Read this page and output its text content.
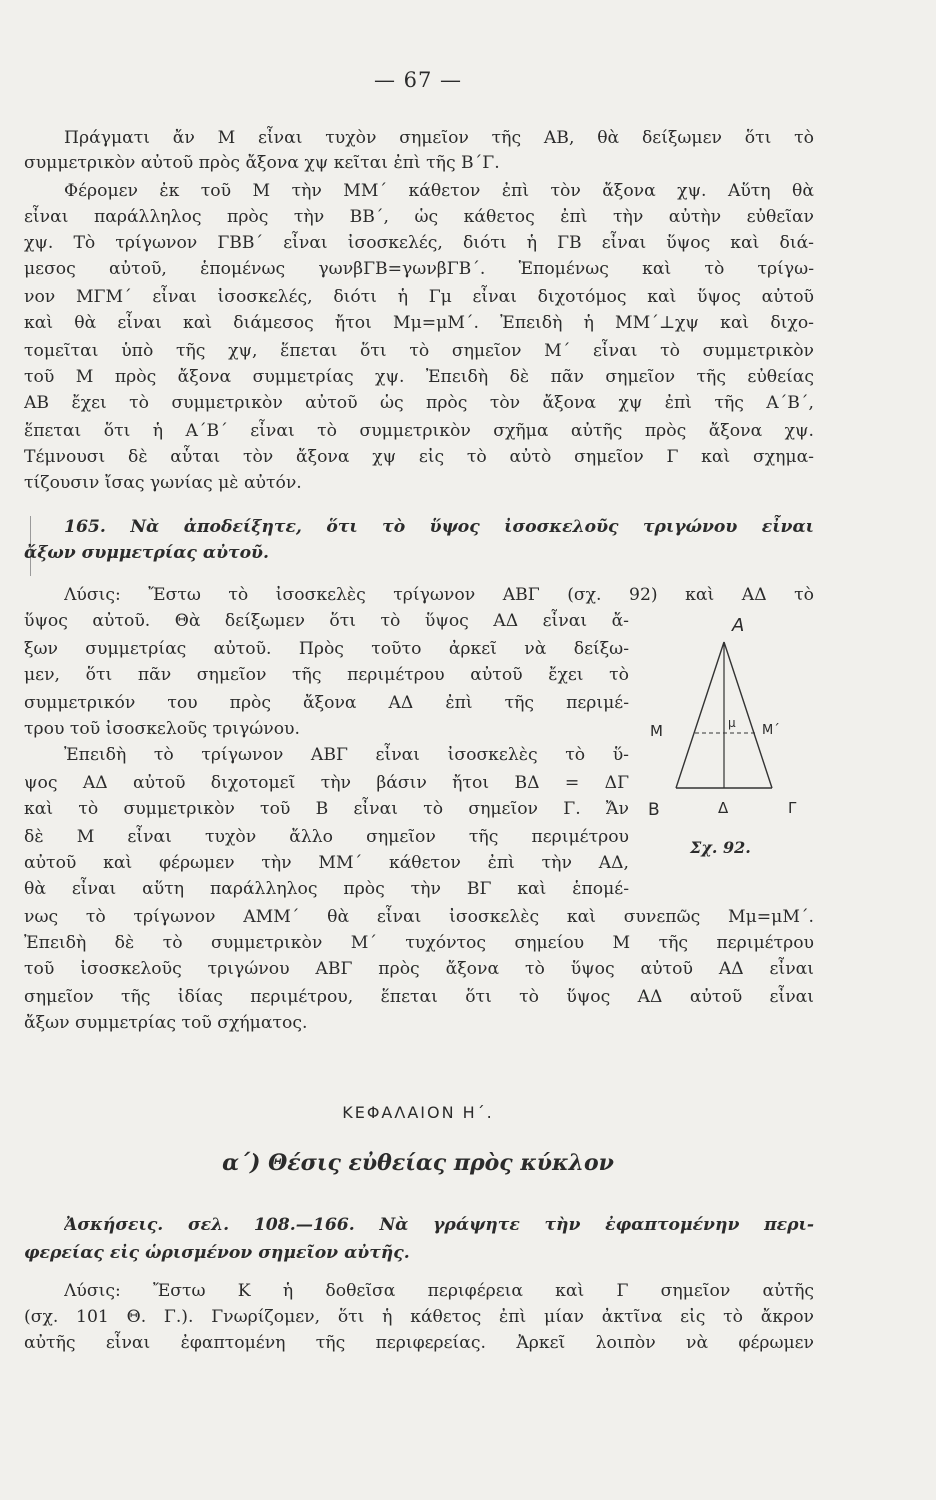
— 67 —
Πράγματι ἄν Μ εἶναι τυχὸν σημεῖον τῆς ΑΒ, θὰ δείξωμεν ὅτι τὸ
συμμετρικὸν αὐτοῦ πρὸς ἄξονα χψ κεῖται ἐπὶ τῆς Β΄Γ.
Φέρομεν ἐκ τοῦ Μ τὴν ΜΜ΄ κάθετον ἐπὶ τὸν ἄξονα χψ. Αὕτη θὰ
εἶναι παράλληλος πρὸς τὴν ΒΒ΄, ὡς κάθετος ἐπὶ τὴν αὐτὴν εὐθεῖαν
χψ. Τὸ τρίγωνον ΓΒΒ΄ εἶναι ἰσοσκελές, διότι ἡ ΓΒ εἶναι ὕψος καὶ διά-
μεσος αὐτοῦ, ἑπομένως γωνβΓΒ=γωνβΓΒ΄. Ἑπομένως καὶ τὸ τρίγω-
νον ΜΓΜ΄ εἶναι ἰσοσκελές, διότι ἡ Γμ εἶναι διχοτόμος καὶ ὕψος αὐτοῦ
καὶ θὰ εἶναι καὶ διάμεσος ἤτοι Μμ=μΜ΄. Ἐπειδὴ ἡ ΜΜ΄⊥χψ καὶ διχο-
τομεῖται ὑπὸ τῆς χψ, ἕπεται ὅτι τὸ σημεῖον Μ΄ εἶναι τὸ συμμετρικὸν
τοῦ Μ πρὸς ἄξονα συμμετρίας χψ. Ἐπειδὴ δὲ πᾶν σημεῖον τῆς εὐθείας
ΑΒ ἔχει τὸ συμμετρικὸν αὐτοῦ ὡς πρὸς τὸν ἄξονα χψ ἐπὶ τῆς Α΄Β΄,
ἕπεται ὅτι ἡ Α΄Β΄ εἶναι τὸ συμμετρικὸν σχῆμα αὐτῆς πρὸς ἄξονα χψ.
Τέμνουσι δὲ αὗται τὸν ἄξονα χψ εἰς τὸ αὐτὸ σημεῖον Γ καὶ σχημα-
τίζουσιν ἴσας γωνίας μὲ αὐτόν.
165. Νὰ ἀποδείξητε, ὅτι τὸ ὕψος ἰσοσκελοῦς τριγώνου εἶναι
ἄξων συμμετρίας αὐτοῦ.
Λύσις: Ἔστω τὸ ἰσοσκελὲς τρίγωνον ΑΒΓ (σχ. 92) καὶ ΑΔ τὸ
ὕψος αὐτοῦ. Θὰ δείξωμεν ὅτι τὸ ὕψος ΑΔ εἶναι ἄ-
ξων συμμετρίας αὐτοῦ. Πρὸς τοῦτο ἀρκεῖ νὰ δείξω-
μεν, ὅτι πᾶν σημεῖον τῆς περιμέτρου αὐτοῦ ἔχει τὸ
συμμετρικόν του πρὸς ἄξονα ΑΔ ἐπὶ τῆς περιμέ-
τρου τοῦ ἰσοσκελοῦς τριγώνου.
Ἐπειδὴ τὸ τρίγωνον ΑΒΓ εἶναι ἰσοσκελὲς τὸ ὕ-
ψος ΑΔ αὐτοῦ διχοτομεῖ τὴν βάσιν ἤτοι ΒΔ = ΔΓ
καὶ τὸ συμμετρικὸν τοῦ Β εἶναι τὸ σημεῖον Γ. Ἄν
δὲ Μ εἶναι τυχὸν ἄλλο σημεῖον τῆς περιμέτρου
αὐτοῦ καὶ φέρωμεν τὴν ΜΜ΄ κάθετον ἐπὶ τὴν ΑΔ,
θὰ εἶναι αὕτη παράλληλος πρὸς τὴν ΒΓ καὶ ἑπομέ-
νως τὸ τρίγωνον ΑΜΜ΄ θὰ εἶναι ἰσοσκελὲς καὶ συνεπῶς Μμ=μΜ΄.
Ἐπειδὴ δὲ τὸ συμμετρικὸν Μ΄ τυχόντος σημείου Μ τῆς περιμέτρου
τοῦ ἰσοσκελοῦς τριγώνου ΑΒΓ πρὸς ἄξονα τὸ ὕψος αὐτοῦ ΑΔ εἶναι
σημεῖον τῆς ἰδίας περιμέτρου, ἕπεται ὅτι τὸ ὕψος ΑΔ αὐτοῦ εἶναι
ἄξων συμμετρίας τοῦ σχήματος.
Α
Μ	μ Μ΄
Β	Δ	Γ
Σχ. 92.
ΚΕΦΑΛΑΙΟΝ Η΄.
α΄) Θέσις εὐθείας πρὸς κύκλον
Ἀσκήσεις. σελ. 108.—166. Νὰ γράψητε τὴν ἐφαπτομένην περι-
φερείας εἰς ὡρισμένον σημεῖον αὐτῆς.
Λύσις: Ἔστω Κ ἡ δοθεῖσα περιφέρεια καὶ Γ σημεῖον αὐτῆς
(σχ. 101 Θ. Γ.). Γνωρίζομεν, ὅτι ἡ κάθετος ἐπὶ μίαν ἀκτῖνα εἰς τὸ ἄκρον
αὐτῆς εἶναι ἐφαπτομένη τῆς περιφερείας. Ἀρκεῖ λοιπὸν νὰ φέρωμεν
